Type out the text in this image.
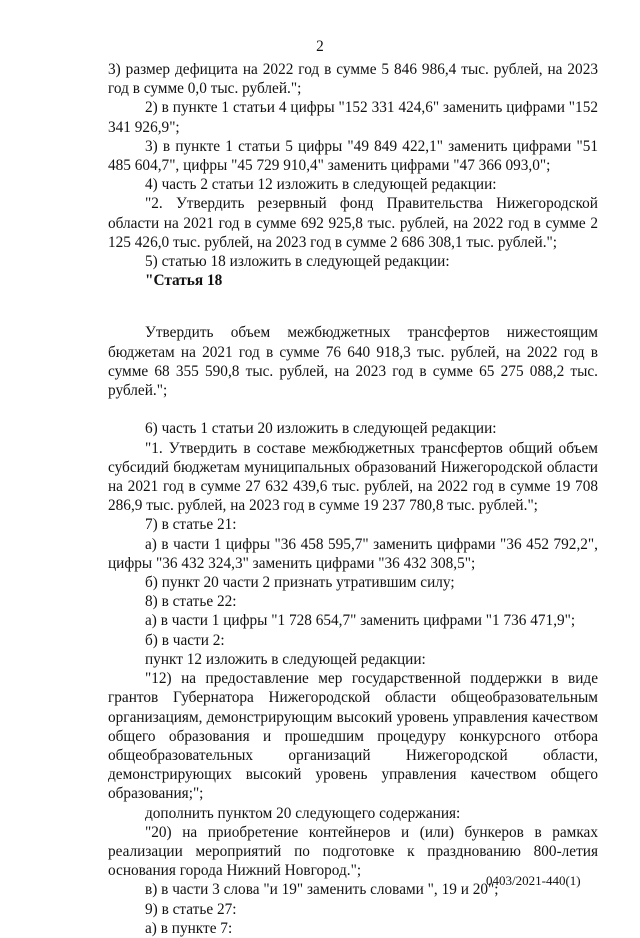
2

3) размер дефицита на 2022 год в сумме 5 846 986,4 тыс. рублей, на 2023 год в сумме 0,0 тыс. рублей.";

2) в пункте 1 статьи 4 цифры "152 331 424,6" заменить цифрами "152 341 926,9";

3) в пункте 1 статьи 5 цифры "49 849 422,1" заменить цифрами "51 485 604,7", цифры "45 729 910,4" заменить цифрами "47 366 093,0";

4) часть 2 статьи 12 изложить в следующей редакции:

"2. Утвердить резервный фонд Правительства Нижегородской области на 2021 год в сумме 692 925,8 тыс. рублей, на 2022 год в сумме 2 125 426,0 тыс. рублей, на 2023 год в сумме 2 686 308,1 тыс. рублей.";

5) статью 18 изложить в следующей редакции:

"Статья 18

Утвердить объем межбюджетных трансфертов нижестоящим бюджетам на 2021 год в сумме 76 640 918,3 тыс. рублей, на 2022 год в сумме 68 355 590,8 тыс. рублей, на 2023 год в сумме 65 275 088,2 тыс. рублей.";

6) часть 1 статьи 20 изложить в следующей редакции:

"1. Утвердить в составе межбюджетных трансфертов общий объем субсидий бюджетам муниципальных образований Нижегородской области на 2021 год в сумме 27 632 439,6 тыс. рублей, на 2022 год в сумме 19 708 286,9 тыс. рублей, на 2023 год в сумме 19 237 780,8 тыс. рублей.";

7) в статье 21:

а) в части 1 цифры "36 458 595,7" заменить цифрами "36 452 792,2", цифры "36 432 324,3" заменить цифрами "36 432 308,5";

б) пункт 20 части 2 признать утратившим силу;

8) в статье 22:

а) в части 1 цифры "1 728 654,7" заменить цифрами "1 736 471,9";

б) в части 2:

пункт 12 изложить в следующей редакции:

"12) на предоставление мер государственной поддержки в виде грантов Губернатора Нижегородской области общеобразовательным организациям, демонстрирующим высокий уровень управления качеством общего образования и прошедшим процедуру конкурсного отбора общеобразовательных организаций Нижегородской области, демонстрирующих высокий уровень управления качеством общего образования;";

дополнить пунктом 20 следующего содержания:

"20) на приобретение контейнеров и (или) бункеров в рамках реализации мероприятий по подготовке к празднованию 800-летия основания города Нижний Новгород.";

в) в части 3 слова "и 19" заменить словами ", 19 и 20";

9) в статье 27:

а) в пункте 7:

0403/2021-440(1)
